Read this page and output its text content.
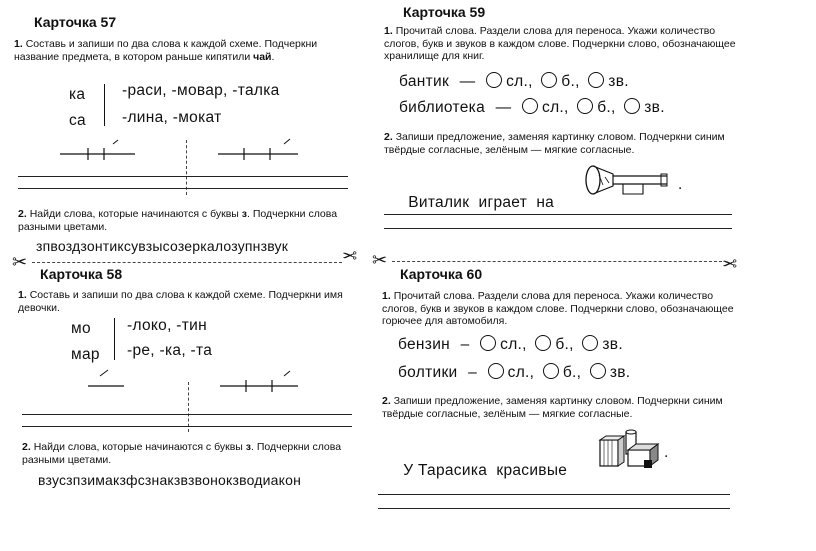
Карточка 57
1. Составь и запиши по два слова к каждой схеме. Подчеркни название предмета, в котором раньше кипятили чай.
ка
са
-раси, -мовар, -талка
-лина, -мокат
2. Найди слова, которые начинаются с буквы з. Подчеркни слова разными цветами.
зпвоздзонтиксувзысозеркалозупнзвук
✂	✂
Карточка 58
1. Составь и запиши по два слова к каждой схеме. Подчеркни имя девочки.
мо
мар
-локо, -тин
-ре, -ка, -та
2. Найди слова, которые начинаются с буквы з. Подчеркни слова разными цветами.
взусзпзимакзфсзнакзвзвонокзводиакон
Карточка 59
1. Прочитай слова. Раздели слова для переноса. Укажи количество слогов, букв и звуков в каждом слове. Подчеркни слово, обозначающее хранилище для книг.
бантик — сл., б., зв.
библиотека — сл., б., зв.
2. Запиши предложение, заменяя картинку словом. Подчеркни синим твёрдые согласные, зелёным — мягкие согласные.

Виталик  играет  на

.
✂	✂
Карточка 60
1. Прочитай слова. Раздели слова для переноса. Укажи количество слогов, букв и звуков в каждом слове. Подчеркни слово, обозначающее горючее для автомобиля.
бензин – сл., б., зв.
болтики – сл., б., зв.
2. Запиши предложение, заменяя картинку словом. Подчеркни синим твёрдые согласные, зелёным — мягкие согласные.

У Тарасика  красивые

.
